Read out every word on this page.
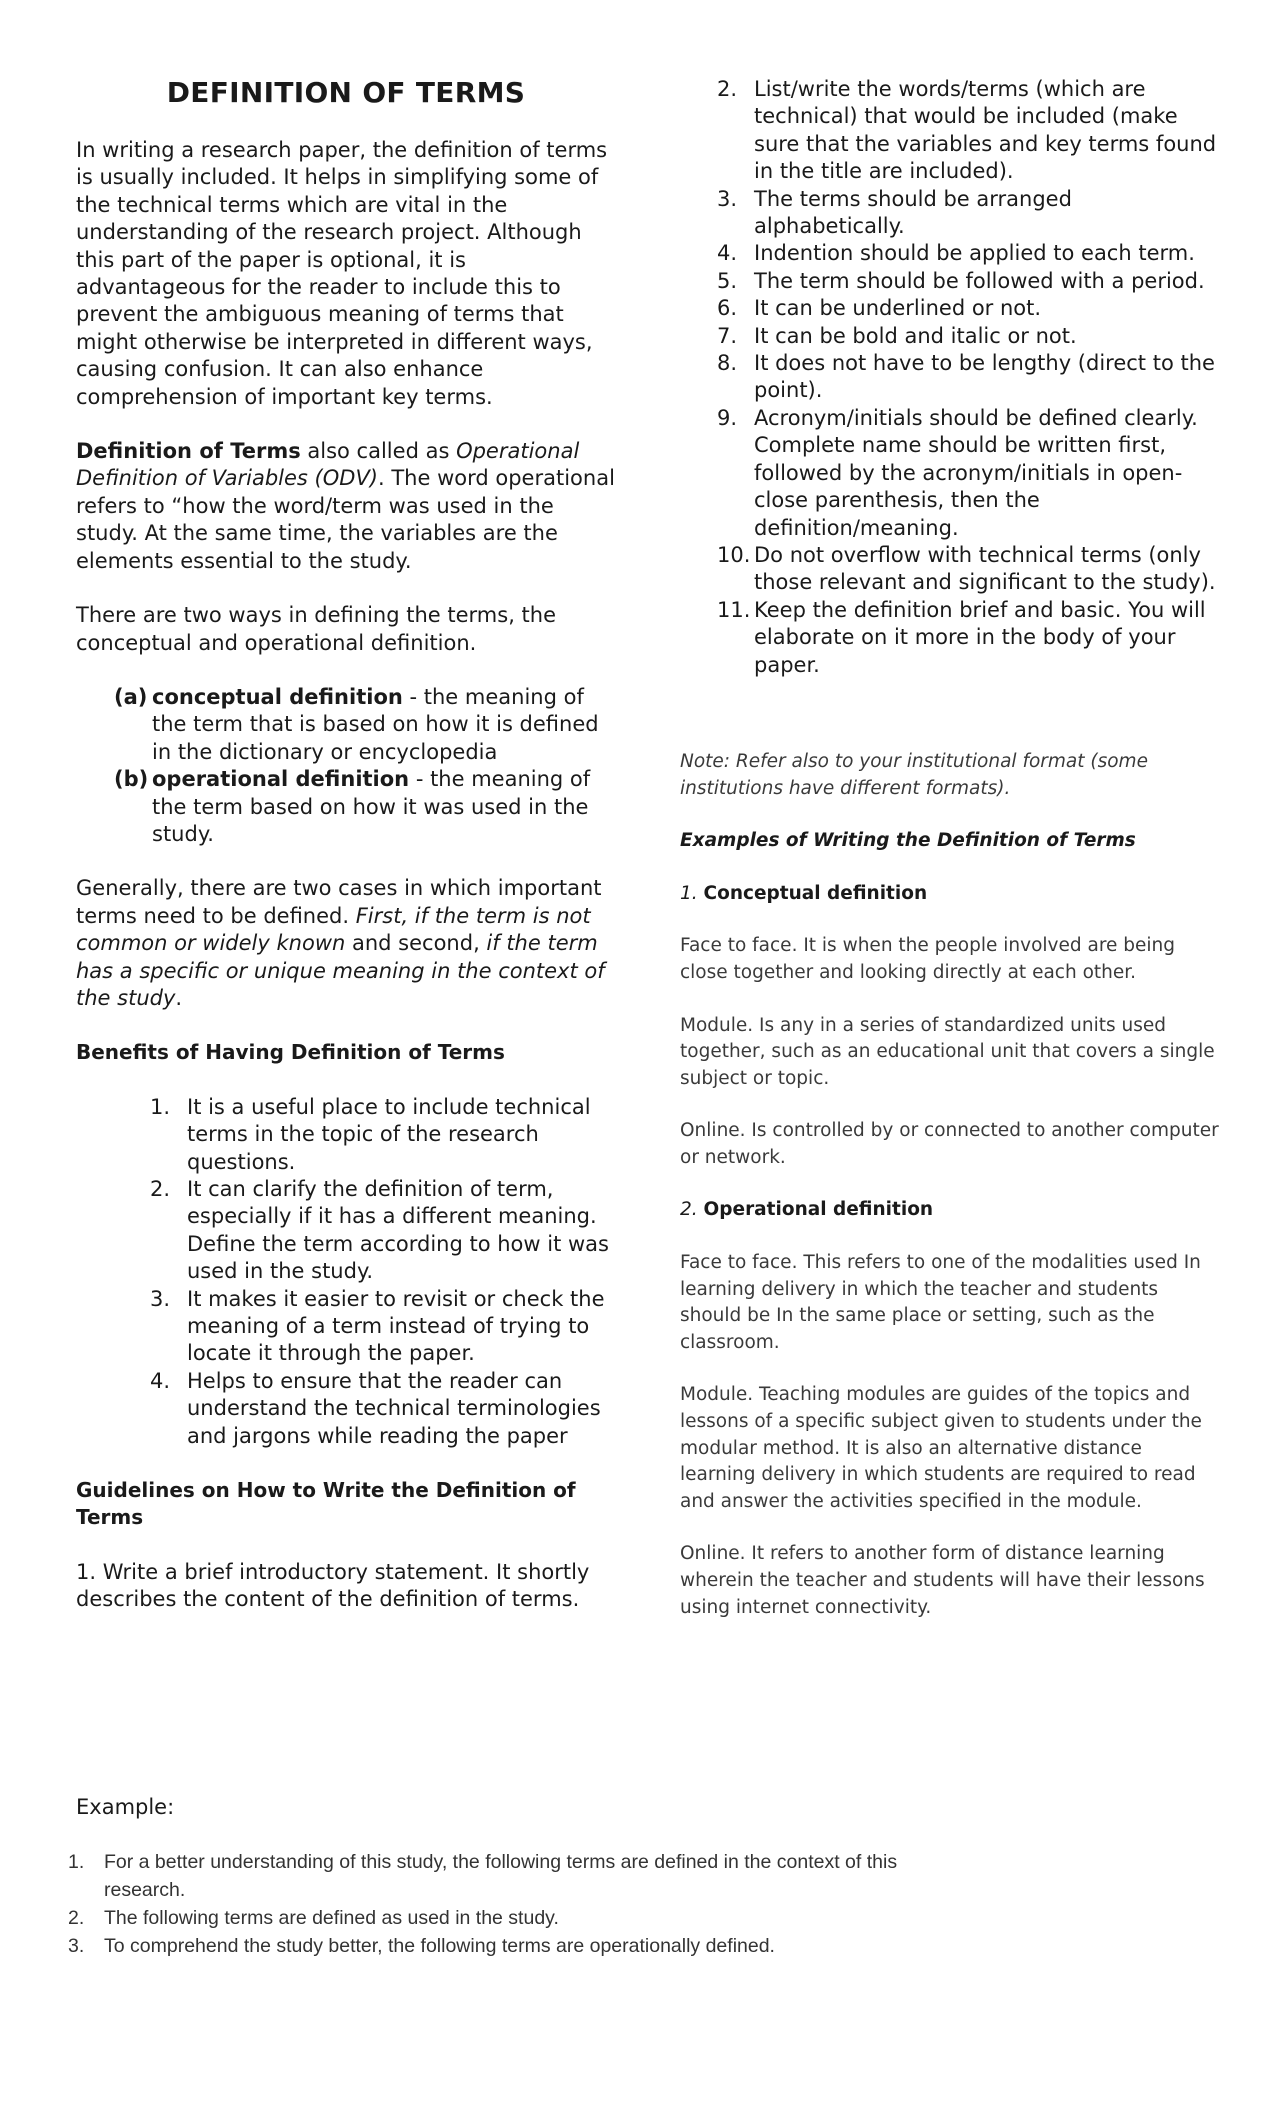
DEFINITION OF TERMS

In writing a research paper, the definition of terms is usually included. It helps in simplifying some of the technical terms which are vital in the understanding of the research project. Although this part of the paper is optional, it is advantageous for the reader to include this to prevent the ambiguous meaning of terms that might otherwise be interpreted in different ways, causing confusion. It can also enhance comprehension of important key terms.

Definition of Terms also called as Operational Definition of Variables (ODV). The word operational refers to “how the word/term was used in the study. At the same time, the variables are the elements essential to the study.

There are two ways in defining the terms, the conceptual and operational definition.

(a) conceptual definition - the meaning of the term that is based on how it is defined in the dictionary or encyclopedia
(b) operational definition - the meaning of the term based on how it was used in the study.

Generally, there are two cases in which important terms need to be defined. First, if the term is not common or widely known and second, if the term has a specific or unique meaning in the context of the study.

Benefits of Having Definition of Terms
1. It is a useful place to include technical terms in the topic of the research questions.
2. It can clarify the definition of term, especially if it has a different meaning. Define the term according to how it was used in the study.
3. It makes it easier to revisit or check the meaning of a term instead of trying to locate it through the paper.
4. Helps to ensure that the reader can understand the technical terminologies and jargons while reading the paper
Guidelines on How to Write the Definition of Terms

1. Write a brief introductory statement. It shortly describes the content of the definition of terms.

Example:
1.	For a better understanding of this study, the following terms are defined in the context of this research.
2.	The following terms are defined as used in the study.
3.	To comprehend the study better, the following terms are operationally defined.
2. List/write the words/terms (which are technical) that would be included (make sure that the variables and key terms found in the title are included).
3. The terms should be arranged alphabetically.
4. Indention should be applied to each term.
5. The term should be followed with a period.
6. It can be underlined or not.
7. It can be bold and italic or not.
8. It does not have to be lengthy (direct to the point).
9. Acronym/initials should be defined clearly. Complete name should be written first, followed by the acronym/initials in open-close parenthesis, then the definition/meaning.
10. Do not overflow with technical terms (only those relevant and significant to the study).
11. Keep the definition brief and basic. You will elaborate on it more in the body of your paper.

Note: Refer also to your institutional format (some institutions have different formats).

Examples of Writing the Definition of Terms

1. Conceptual definition

Face to face. It is when the people involved are being close together and looking directly at each other.

Module. Is any in a series of standardized units used together, such as an educational unit that covers a single subject or topic.

Online. Is controlled by or connected to another computer or network.

2. Operational definition

Face to face. This refers to one of the modalities used In learning delivery in which the teacher and students should be In the same place or setting, such as the classroom.

Module. Teaching modules are guides of the topics and lessons of a specific subject given to students under the modular method. It is also an alternative distance learning delivery in which students are required to read and answer the activities specified in the module.

Online. It refers to another form of distance learning wherein the teacher and students will have their lessons using internet connectivity.
